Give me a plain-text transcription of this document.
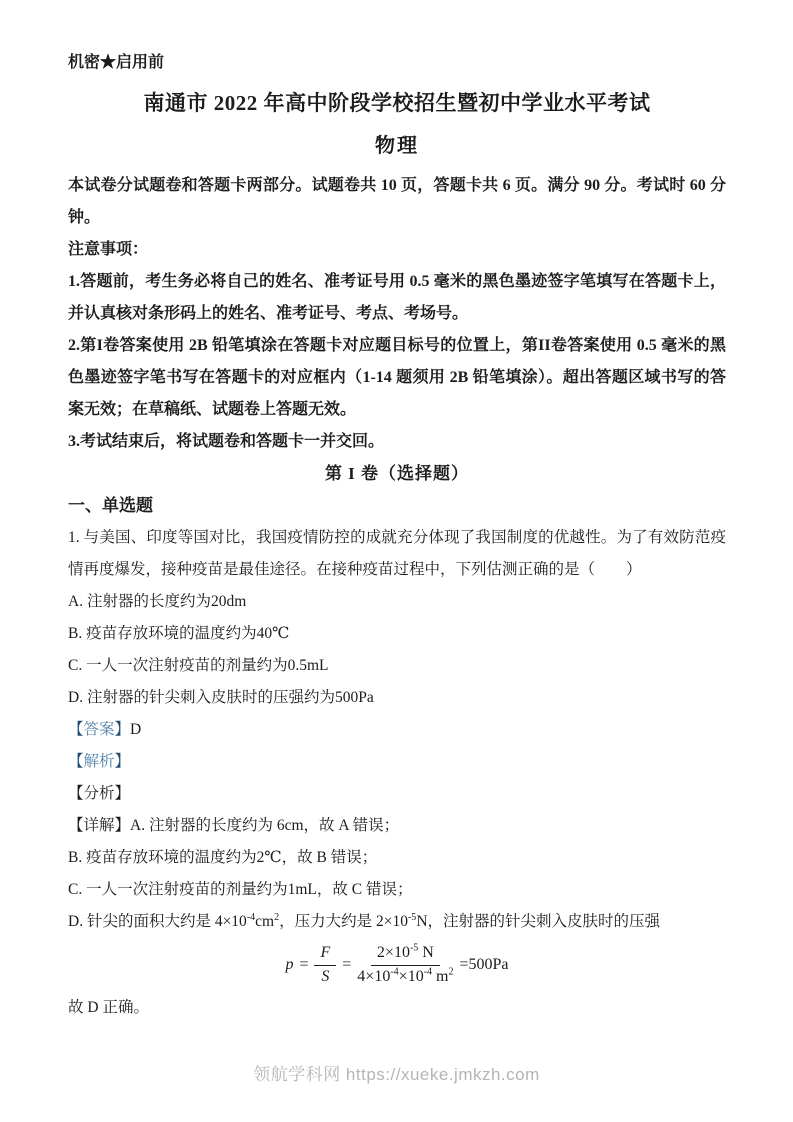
机密★启用前

南通市 2022 年高中阶段学校招生暨初中学业水平考试
物理

本试卷分试题卷和答题卡两部分。试题卷共 10 页，答题卡共 6 页。满分 90 分。考试时 60 分钟。

注意事项：

1.答题前，考生务必将自己的姓名、准考证号用 0.5 毫米的黑色墨迹签字笔填写在答题卡上，并认真核对条形码上的姓名、准考证号、考点、考场号。

2.第I卷答案使用 2B 铅笔填涂在答题卡对应题目标号的位置上，第II卷答案使用 0.5 毫米的黑色墨迹签字笔书写在答题卡的对应框内（1-14 题须用 2B 铅笔填涂）。超出答题区域书写的答案无效；在草稿纸、试题卷上答题无效。

3.考试结束后，将试题卷和答题卡一并交回。

第 I 卷（选择题）

一、单选题

1. 与美国、印度等国对比，我国疫情防控的成就充分体现了我国制度的优越性。为了有效防范疫情再度爆发，接种疫苗是最佳途径。在接种疫苗过程中，下列估测正确的是（　　）

A. 注射器的长度约为20dm

B. 疫苗存放环境的温度约为40℃

C. 一人一次注射疫苗的剂量约为0.5mL

D. 注射器的针尖刺入皮肤时的压强约为500Pa

【答案】D

【解析】

【分析】

【详解】A. 注射器的长度约为 6cm，故 A 错误；

B. 疫苗存放环境的温度约为2℃，故 B 错误；

C. 一人一次注射疫苗的剂量约为1mL，故 C 错误；

D. 针尖的面积大约是 $4\times 10^{-4}cm^2$，压力大约是 $2\times 10^{-5}N$，注射器的针尖刺入皮肤时的压强

$p = \frac{F}{S} = \frac{2\times 10^{-5} N}{4\times 10^{-4}\times 10^{-4} m^2} =500Pa$

故 D 正确。

领航学科网 https://xueke.jmkzh.com
